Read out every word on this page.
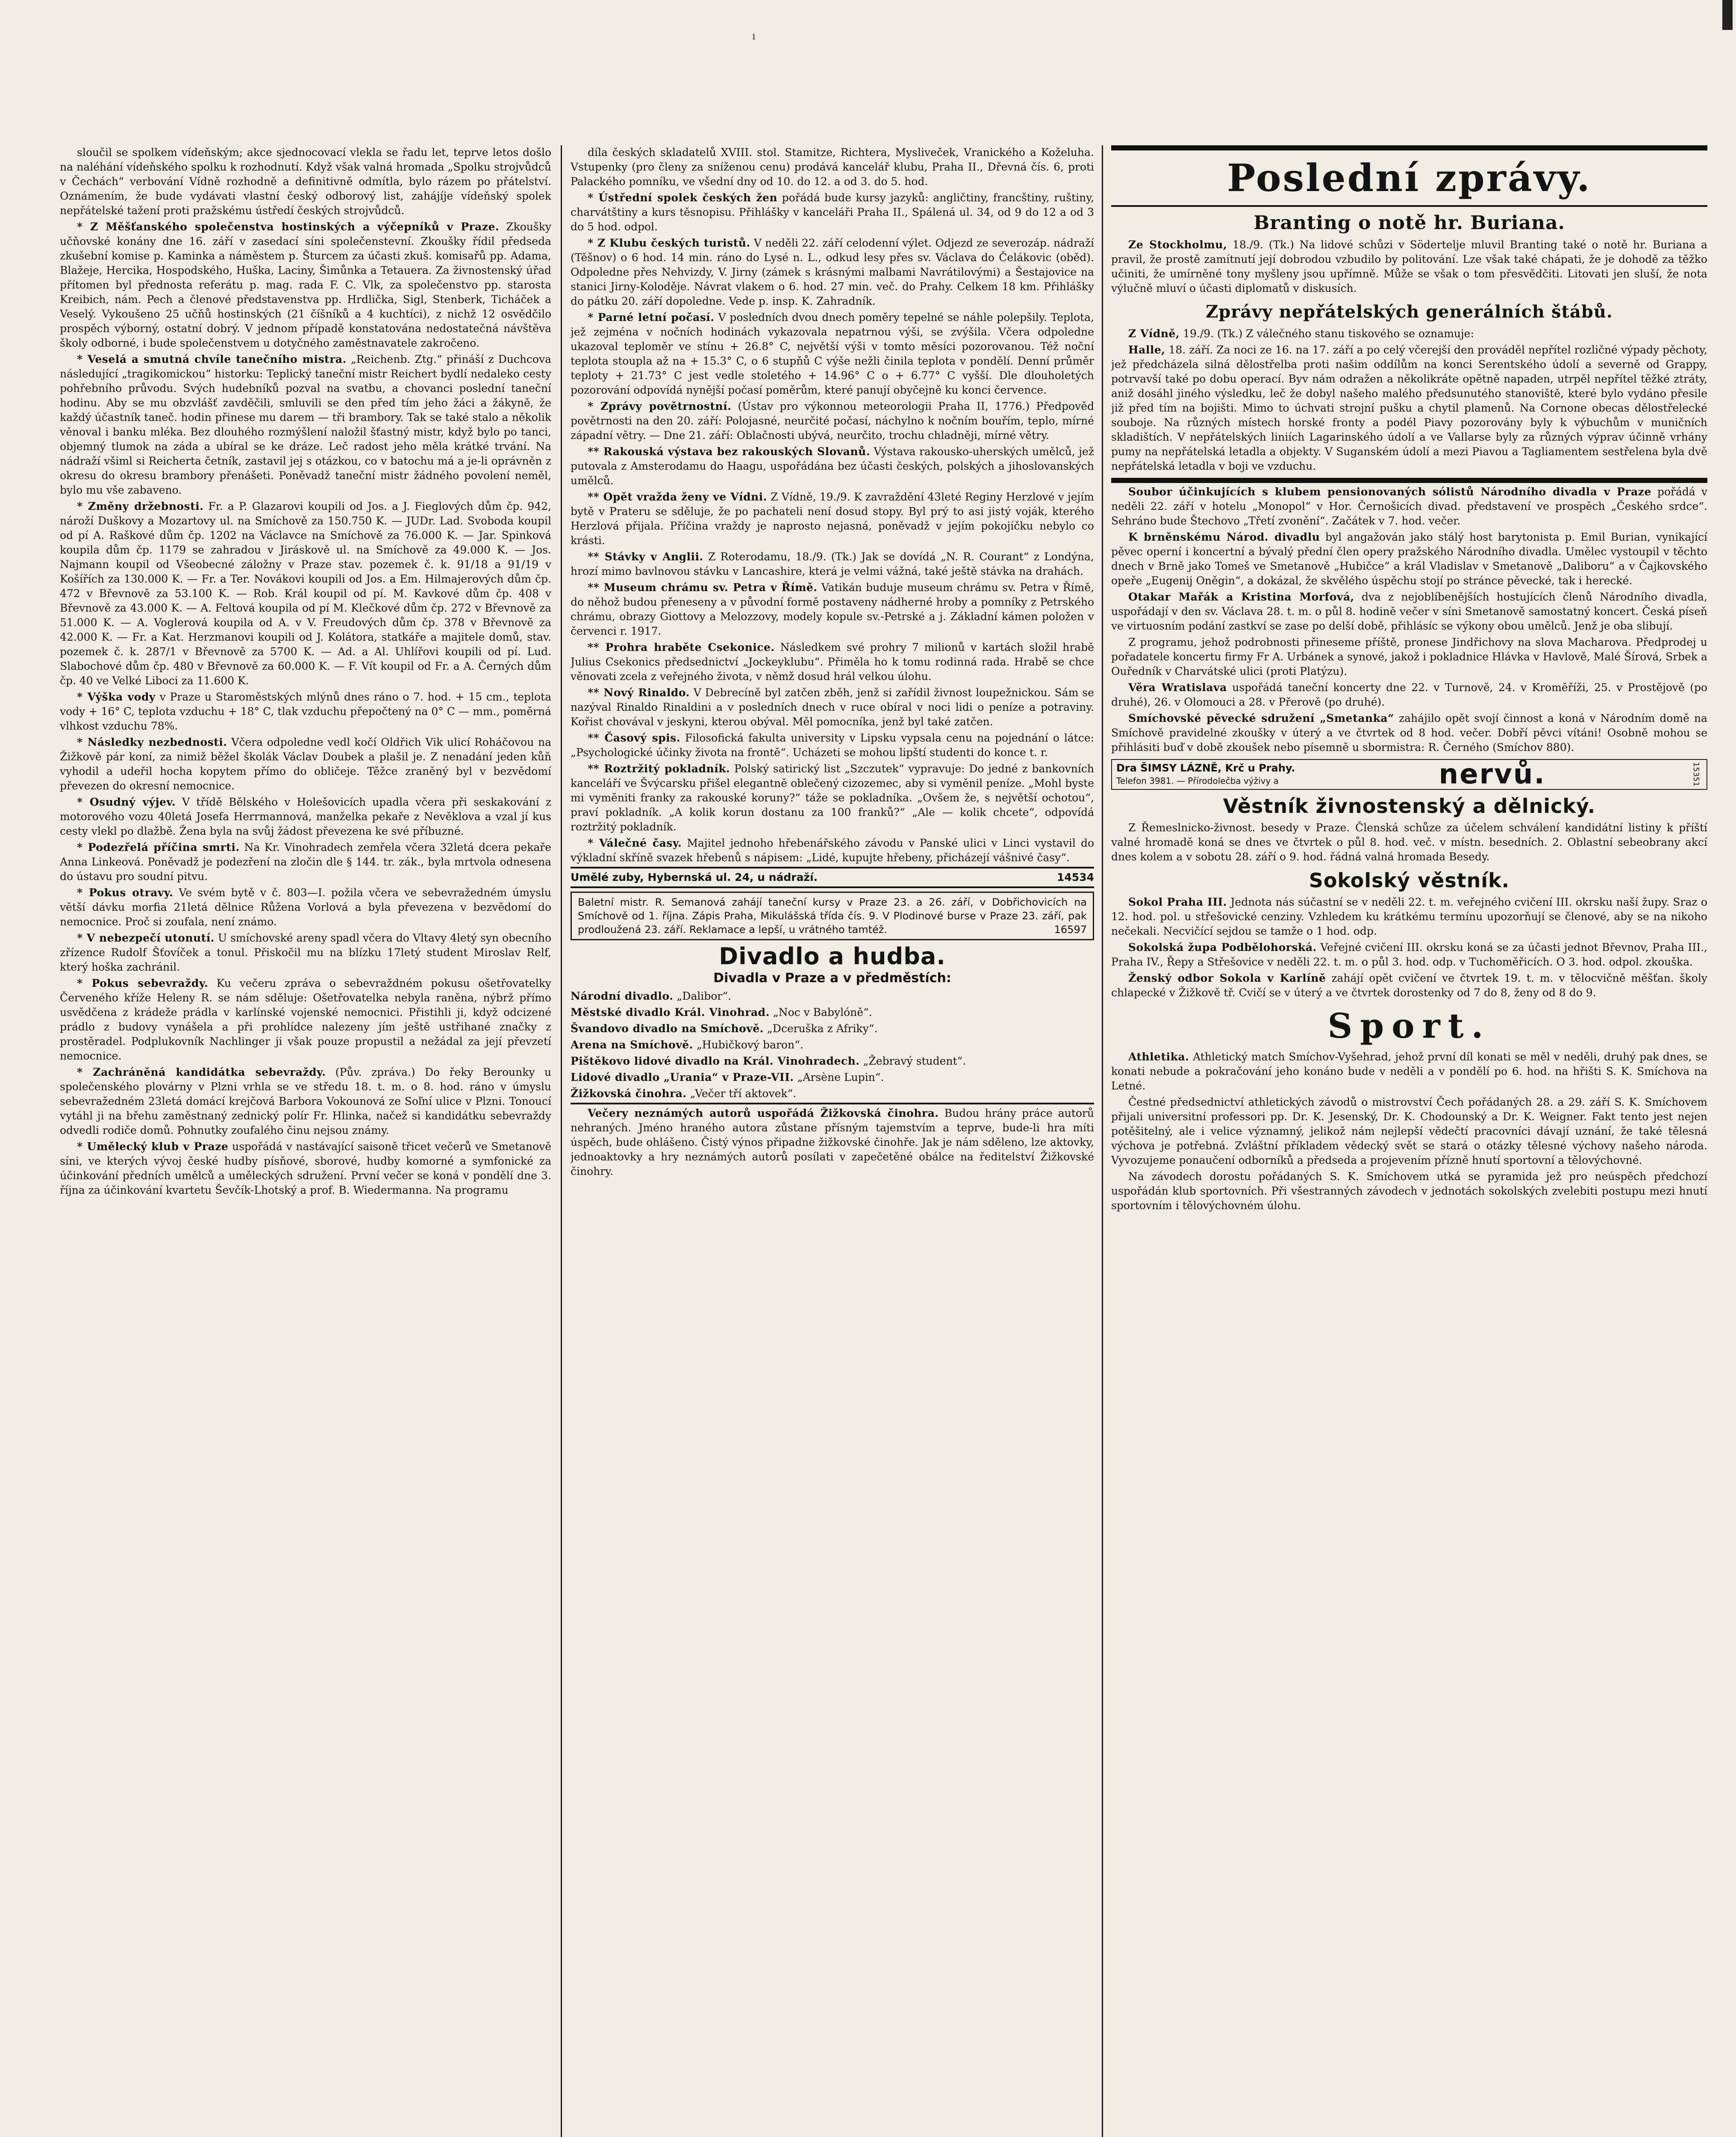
ı

sloučil se spolkem vídeňským; akce sjednocovací vlekla se řadu let, teprve letos došlo na naléhání vídeňského spolku k rozhodnutí. Když však valná hromada „Spolku strojvůdců v Čechách“ verbování Vídně rozhodně a definitivně odmítla, bylo rázem po přátelství. Oznámením, že bude vydávati vlastní český odborový list, zahájíje vídeňský spolek nepřátelské tažení proti pražskému ústředí českých strojvůdců.

* Z Měšťanského společenstva hostinských a výčepníků v Praze. Zkoušky učňovské konány dne 16. září v zasedací síni společenstevní. Zkoušky řídil předseda zkušební komise p. Kaminka a náměstem p. Šturcem za účasti zkuš. komisařů pp. Adama, Blažeje, Hercika, Hospodského, Huška, Laciny, Šimůnka a Tetauera. Za živnostenský úřad přítomen byl přednosta referátu p. mag. rada F. C. Vlk, za společenstvo pp. starosta Kreibich, nám. Pech a členové představenstva pp. Hrdlička, Sigl, Stenberk, Ticháček a Veselý. Vykoušeno 25 učňů hostinských (21 číšníků a 4 kuchtíci), z nichž 12 osvědčilo prospěch výborný, ostatní dobrý. V jednom případě konstatována nedostatečná návštěva školy odborné, i bude společenstvem u dotyčného zaměstnavatele zakročeno.

* Veselá a smutná chvíle tanečního mistra. „Reichenb. Ztg.“ přináší z Duchcova následující „tragikomickou“ historku: Teplický taneční mistr Reichert bydlí nedaleko cesty pohřebního průvodu. Svých hudebníků pozval na svatbu, a chovanci poslední taneční hodinu. Aby se mu obzvlášť zavděčili, smluvili se den před tím jeho žáci a žákyně, že každý účastník taneč. hodin přinese mu darem — tři brambory. Tak se také stalo a několik věnoval i banku mléka. Bez dlouhého rozmýšlení naložil šťastný mistr, když bylo po tanci, objemný tlumok na záda a ubíral se ke dráze. Leč radost jeho měla krátké trvání. Na nádraží všiml si Reicherta četník, zastavil jej s otázkou, co v batochu má a je-li oprávněn z okresu do okresu brambory přenášeti. Poněvadž taneční mistr žádného povolení neměl, bylo mu vše zabaveno.

* Změny držebnosti. Fr. a P. Glazarovi koupili od Jos. a J. Fieglových dům čp. 942, nároží Duškovy a Mozartovy ul. na Smíchově za 150.750 K. — JUDr. Lad. Svoboda koupil od pí A. Raškové dům čp. 1202 na Václavce na Smíchově za 76.000 K. — Jar. Spinková koupila dům čp. 1179 se zahradou v Jiráskově ul. na Smíchově za 49.000 K. — Jos. Najmann koupil od Všeobecné záložny v Praze stav. pozemek č. k. 91/18 a 91/19 v Košířích za 130.000 K. — Fr. a Ter. Novákovi koupili od Jos. a Em. Hilmajerových dům čp. 472 v Břevnově za 53.100 K. — Rob. Král koupil od pí. M. Kavkové dům čp. 408 v Břevnově za 43.000 K. — A. Feltová koupila od pí M. Klečkové dům čp. 272 v Břevnově za 51.000 K. — A. Voglerová koupila od A. v V. Freudových dům čp. 378 v Břevnově za 42.000 K. — Fr. a Kat. Herzmanovi koupili od J. Kolátora, statkáře a majitele domů, stav. pozemek č. k. 287/1 v Břevnově za 5700 K. — Ad. a Al. Uhlířovi koupili od pí. Lud. Slabochové dům čp. 480 v Břevnově za 60.000 K. — F. Vít koupil od Fr. a A. Černých dům čp. 40 ve Velké Liboci za 11.600 K.

* Výška vody v Praze u Staroměstských mlýnů dnes ráno o 7. hod. + 15 cm., teplota vody + 16° C, teplota vzduchu + 18° C, tlak vzduchu přepočtený na 0° C — mm., poměrná vlhkost vzduchu 78%.

* Následky nezbednosti. Včera odpoledne vedl kočí Oldřich Vik ulicí Roháčovou na Žižkově pár koní, za nimiž běžel školák Václav Doubek a plašil je. Z nenadání jeden kůň vyhodil a udeřil hocha kopytem přímo do obličeje. Těžce zraněný byl v bezvědomí převezen do okresní nemocnice.

* Osudný výjev. V třídě Bělského v Holešovicích upadla včera při seskakování z motorového vozu 40letá Josefa Herrmannová, manželka pekaře z Nevěklova a vzal jí kus cesty vlekl po dlažbě. Žena byla na svůj žádost převezena ke své příbuzné.

* Podezřelá příčina smrti. Na Kr. Vinohradech zemřela včera 32letá dcera pekaře Anna Linkeová. Poněvadž je podezření na zločin dle § 144. tr. zák., byla mrtvola odnesena do ústavu pro soudní pitvu.

* Pokus otravy. Ve svém bytě v č. 803—I. požila včera ve sebevražedném úmyslu větší dávku morfia 21letá dělnice Růžena Vorlová a byla převezena v bezvědomí do nemocnice. Proč si zoufala, není známo.

* V nebezpečí utonutí. U smíchovské areny spadl včera do Vltavy 4letý syn obecního zřízence Rudolf Šťovíček a tonul. Přiskočil mu na blízku 17letý student Miroslav Relf, který hoška zachránil.

* Pokus sebevraždy. Ku večeru zpráva o sebevraždném pokusu ošetřovatelky Červeného kříže Heleny R. se nám sděluje: Ošetřovatelka nebyla raněna, nýbrž přímo usvědčena z krádeže prádla v karlínské vojenské nemocnici. Přistihli ji, když odcizené prádlo z budovy vynášela a při prohlídce nalezeny jím ještě ustřihané značky z prostěradel. Podplukovník Nachlinger ji však pouze propustil a nežádal za její převzetí nemocnice.

* Zachráněná kandidátka sebevraždy. (Pův. zpráva.) Do řeky Berounky u společenského plovárny v Plzni vrhla se ve středu 18. t. m. o 8. hod. ráno v úmyslu sebevražedném 23letá domácí krejčová Barbora Vokounová ze Soľní ulice v Plzni. Tonoucí vytáhl ji na břehu zaměstnaný zednický polír Fr. Hlinka, načež si kandidátku sebevraždy odvedli rodiče domů. Pohnutky zoufalého činu nejsou známy.

* Umělecký klub v Praze uspořádá v nastávající saisoně třicet večerů ve Smetanově síni, ve kterých vývoj české hudby písňové, sborové, hudby komorné a symfonické za účinkování předních umělců a uměleckých sdružení. První večer se koná v pondělí dne 3. října za účinkování kvartetu Ševčík-Lhotský a prof. B. Wiedermanna. Na programu

díla českých skladatelů XVIII. stol. Stamitze, Richtera, Mysliveček, Vranického a Koželuha. Vstupenky (pro členy za sníženou cenu) prodává kancelář klubu, Praha II., Dřevná čís. 6, proti Palackého pomníku, ve všední dny od 10. do 12. a od 3. do 5. hod.

* Ústřední spolek českých žen pořádá bude kursy jazyků: angličtiny, francštiny, ruštiny, charvátštiny a kurs těsnopisu. Přihlášky v kanceláři Praha II., Spálená ul. 34, od 9 do 12 a od 3 do 5 hod. odpol.

* Z Klubu českých turistů. V neděli 22. září celodenní výlet. Odjezd ze severozáp. nádraží (Těšnov) o 6 hod. 14 min. ráno do Lysé n. L., odkud lesy přes sv. Václava do Čelákovic (oběd). Odpoledne přes Nehvizdy, V. Jirny (zámek s krásnými malbami Navrátilovými) a Šestajovice na stanici Jirny-Koloděje. Návrat vlakem o 6. hod. 27 min. več. do Prahy. Celkem 18 km. Přihlášky do pátku 20. září dopoledne. Vede p. insp. K. Zahradník.

* Parné letní počasí. V posledních dvou dnech poměry tepelné se náhle polepšily. Teplota, jež zejména v nočních hodinách vykazovala nepatrnou výši, se zvýšila. Včera odpoledne ukazoval teploměr ve stínu + 26.8° C, největší výši v tomto měsíci pozorovanou. Též noční teplota stoupla až na + 15.3° C, o 6 stupňů C výše nežli činila teplota v pondělí. Denní průměr teploty + 21.73° C jest vedle stoletého + 14.96° C o + 6.77° C vyšší. Dle dlouholetých pozorování odpovídá nynější počasí poměrům, které panují obyčejně ku konci července.

* Zprávy povětrnostní. (Ústav pro výkonnou meteorologii Praha II, 1776.) Předpověď povětrnosti na den 20. září: Polojasné, neurčité počasí, náchylno k nočním bouřím, teplo, mírné západní větry. — Dne 21. září: Oblačnosti ubývá, neurčito, trochu chladněji, mírné větry.

** Rakouská výstava bez rakouských Slovanů. Výstava rakousko-uherských umělců, jež putovala z Amsterodamu do Haagu, uspořádána bez účasti českých, polských a jihoslovanských umělců.

** Opět vražda ženy ve Vídni. Z Vídně, 19./9. K zavraždění 43leté Reginy Herzlové v jejím bytě v Prateru se sděluje, že po pachateli není dosud stopy. Byl prý to asi jistý voják, kterého Herzlová přijala. Příčina vraždy je naprosto nejasná, poněvadž v jejím pokojíčku nebylo co krásti.

** Stávky v Anglii. Z Roterodamu, 18./9. (Tk.) Jak se dovídá „N. R. Courant“ z Londýna, hrozí mimo bavlnovou stávku v Lancashire, která je velmi vážná, také ještě stávka na drahách.

** Museum chrámu sv. Petra v Římě. Vatikán buduje museum chrámu sv. Petra v Římě, do něhož budou přeneseny a v původní formě postaveny nádherné hroby a pomníky z Petrského chrámu, obrazy Giottovy a Melozzovy, modely kopule sv.-Petrské a j. Základní kámen položen v červenci r. 1917.

** Prohra hraběte Csekonice. Následkem své prohry 7 milionů v kartách složil hrabě Julius Csekonics předsednictví „Jockeyklubu“. Přiměla ho k tomu rodinná rada. Hrabě se chce věnovati zcela z veřejného života, v němž dosud hrál velkou úlohu.

** Nový Rinaldo. V Debrecíně byl zatčen zběh, jenž si zařídil živnost loupežnickou. Sám se nazýval Rinaldo Rinaldini a v posledních dnech v ruce obíral v noci lidi o peníze a potraviny. Kořist chovával v jeskyni, kterou obýval. Měl pomocníka, jenž byl také zatčen.

** Časový spis. Filosofická fakulta university v Lipsku vypsala cenu na pojednání o látce: „Psychologické účinky života na frontě“. Ucházeti se mohou lipští studenti do konce t. r.

** Roztržitý pokladník. Polský satirický list „Szczutek“ vypravuje: Do jedné z bankovních kanceláří ve Švýcarsku přišel elegantně oblečený cizozemec, aby si vyměnil peníze. „Mohl byste mi vyměniti franky za rakouské koruny?“ táže se pokladníka. „Ovšem že, s největší ochotou“, praví pokladník. „A kolik korun dostanu za 100 franků?“ „Ale — kolik chcete“, odpovídá roztržitý pokladník.

* Válečné časy. Majitel jednoho hřebenářského závodu v Panské ulici v Linci vystavil do výkladní skříně svazek hřebenů s nápisem: „Lidé, kupujte hřebeny, přicházejí vášnivé časy“.

Umělé zuby, Hybernská ul. 24, u nádraží.	14534
Baletní mistr. R. Semanová zahájí taneční kursy v Praze 23. a 26. září, v Dobřichovicích na Smíchově od 1. října. Zápis Praha, Mikulášská třída čís. 9. V Plodinové burse v Praze 23. září, pak prodloužená 23. září. Reklamace a lepší, u vrátného tamtéž.	16597
Divadlo a hudba.
Divadla v Praze a v předměstích:

Národní divadlo. „Dalibor“.

Městské divadlo Král. Vinohrad. „Noc v Babylóně“.

Švandovo divadlo na Smíchově. „Dceruška z Afriky“.

Arena na Smíchově. „Hubičkový baron“.

Pištěkovo lidové divadlo na Král. Vinohradech. „Žebravý student“.

Lidové divadlo „Urania“ v Praze-VII. „Arsène Lupin“.

Žižkovská činohra. „Večer tří aktovek“.

Večery neznámých autorů uspořádá Žižkovská činohra. Budou hrány práce autorů nehraných. Jméno hraného autora zůstane přísným tajemstvím a teprve, bude-li hra míti úspěch, bude ohlášeno. Čistý výnos připadne žižkovské činohře. Jak je nám sděleno, lze aktovky, jednoaktovky a hry neznámých autorů posílati v zapečetěné obálce na ředitelství Žižkovské činohry.

Poslední zprávy.
Branting o notě hr. Buriana.

Ze Stockholmu, 18./9. (Tk.) Na lidové schůzi v Södertelje mluvil Branting také o notě hr. Buriana a pravil, že prostě zamítnutí její dobrodou vzbudilo by politování. Lze však také chápati, že je dohodě za těžko učiniti, že umírněné tony myšleny jsou upřímně. Může se však o tom přesvědčiti. Litovati jen sluší, že nota výlučně mluví o účasti diplomatů v diskusích.

Zprávy nepřátelských generálních štábů.

Z Vídně, 19./9. (Tk.) Z válečného stanu tiskového se oznamuje:

Halle, 18. září. Za noci ze 16. na 17. září a po celý včerejší den prováděl nepřítel rozličné výpady pěchoty, jež předcházela silná dělostřelba proti našim oddílům na konci Serentského údolí a severně od Grappy, potrvavší také po dobu operací. Byv nám odražen a několikráte opětně napaden, utrpěl nepřítel těžké ztráty, aniž dosáhl jiného výsledku, leč že dobyl našeho malého předsunutého stanoviště, které bylo vydáno přesile již před tím na bojišti. Mimo to úchvati strojní pušku a chytil plamenů. Na Cornone obecas dělostřelecké souboje. Na různých místech horské fronty a podél Piavy pozorovány byly k výbuchům v muničních skladištích. V nepřátelských liniích Lagarinského údolí a ve Vallarse byly za různých výprav účinně vrhány pumy na nepřátelská letadla a objekty. V Suganském údolí a mezi Piavou a Tagliamentem sestřelena byla dvě nepřátelská letadla v boji ve vzduchu.

Soubor účinkujících s klubem pensionovaných sólistů Národního divadla v Praze pořádá v neděli 22. září v hotelu „Monopol“ v Hor. Černošicích divad. představení ve prospěch „Českého srdce“. Sehráno bude Štechovo „Třetí zvonění“. Začátek v 7. hod. večer.

K brněnskému Národ. divadlu byl angažován jako stálý host barytonista p. Emil Burian, vynikající pěvec operní i koncertní a bývalý přední člen opery pražského Národního divadla. Umělec vystoupil v těchto dnech v Brně jako Tomeš ve Smetanově „Hubičce“ a král Vladislav v Smetanově „Daliboru“ a v Čajkovského opeře „Eugenij Oněgin“, a dokázal, že skvělého úspěchu stojí po stránce pěvecké, tak i herecké.

Otakar Mařák a Kristina Morfová, dva z nejoblíbenějších hostujících členů Národního divadla, uspořádají v den sv. Václava 28. t. m. o půl 8. hodině večer v síni Smetanově samostatný koncert. Česká píseň ve virtuosním podání zastkví se zase po delší době, přihlásíc se výkony obou umělců. Jenž je oba slibují.

Z programu, jehož podrobnosti přineseme příště, pronese Jindřichovy na slova Macharova. Předprodej u pořadatele koncertu firmy Fr A. Urbánek a synové, jakož i pokladnice Hlávka v Havlově, Malé Šírová, Srbek a Ouředník v Charvátské ulici (proti Platýzu).

Věra Wratislava uspořádá taneční koncerty dne 22. v Turnově, 24. v Kroměříži, 25. v Prostějově (po druhé), 26. v Olomouci a 28. v Přerově (po druhé).

Smíchovské pěvecké sdružení „Smetanka“ zahájilo opět svojí činnost a koná v Národním domě na Smíchově pravidelné zkoušky v úterý a ve čtvrtek od 8 hod. večer. Dobří pěvci vítáni! Osobně mohou se přihlásiti buď v době zkoušek nebo písemně u sbormistra: R. Černého (Smíchov 880).

Dra ŠIMSY LÁZNĚ, Krč u Prahy.
Telefon 3981. — Přírodolečba výživy a	nervů.	15351
Věstník živnostenský a dělnický.

Z Řemeslnicko-živnost. besedy v Praze. Členská schůze za účelem schválení kandidátní listiny k příští valné hromadě koná se dnes ve čtvrtek o půl 8. hod. več. v místn. besedních. 2. Oblastní sebeobrany akcí dnes kolem a v sobotu 28. září o 9. hod. řádná valná hromada Besedy.

Sokolský věstník.

Sokol Praha III. Jednota nás súčastní se v neděli 22. t. m. veřejného cvičení III. okrsku naší župy. Sraz o 12. hod. pol. u střešovické cenziny. Vzhledem ku krátkému termínu upozorňují se členové, aby se na nikoho nečekali. Necvičící sejdou se tamže o 1 hod. odp.

Sokolská župa Podbělohorská. Veřejné cvičení III. okrsku koná se za účasti jednot Břevnov, Praha III., Praha IV., Řepy a Střešovice v neděli 22. t. m. o půl 3. hod. odp. v Tuchoměřicích. O 3. hod. odpol. zkouška.

Ženský odbor Sokola v Karlíně zahájí opět cvičení ve čtvrtek 19. t. m. v tělocvičně měšťan. školy chlapecké v Žižkově tř. Cvičí se v úterý a ve čtvrtek dorostenky od 7 do 8, ženy od 8 do 9.

Sport.

Athletika. Athletický match Smíchov-Vyšehrad, jehož první díl konati se měl v neděli, druhý pak dnes, se konati nebude a pokračování jeho konáno bude v neděli a v pondělí po 6. hod. na hřišti S. K. Smíchova na Letné.

Čestné předsednictví athletických závodů o mistrovství Čech pořádaných 28. a 29. září S. K. Smíchovem přijali universitní professori pp. Dr. K. Jesenský, Dr. K. Chodounský a Dr. K. Weigner. Fakt tento jest nejen potěšitelný, ale i velice významný, jelikož nám nejlepší vědečtí pracovníci dávají uznání, že také tělesná výchova je potřebná. Zvláštní příkladem vědecký svět se stará o otázky tělesné výchovy našeho národa. Vyvozujeme ponaučení odborníků a předseda a projevením přízně hnutí sportovní a tělovýchovné.

Na závodech dorostu pořádaných S. K. Smíchovem utká se pyramida jež pro neúspěch předchozí uspořádán klub sportovních. Při všestranných závodech v jednotách sokolských zvelebiti postupu mezi hnutí sportovním i tělovýchovném úlohu.
